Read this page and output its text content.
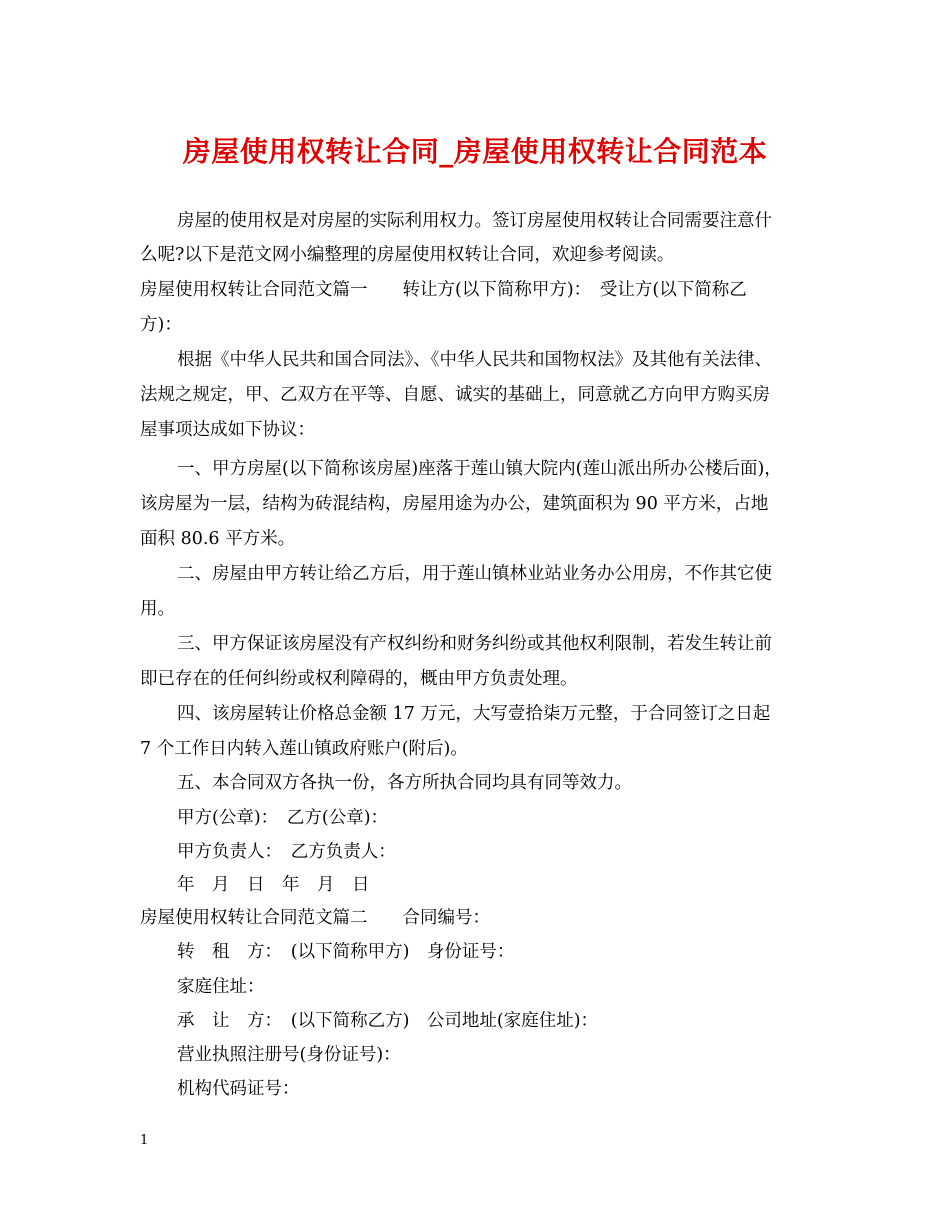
房屋使用权转让合同_房屋使用权转让合同范本
房屋的使用权是对房屋的实际利用权力。签订房屋使用权转让合同需要注意什
么呢?以下是范文网小编整理的房屋使用权转让合同，欢迎参考阅读。
房屋使用权转让合同范文篇一　　转让方(以下简称甲方)：　受让方(以下简称乙
方)：
根据《中华人民共和国合同法》、《中华人民共和国物权法》及其他有关法律、
法规之规定，甲、乙双方在平等、自愿、诚实的基础上，同意就乙方向甲方购买房
屋事项达成如下协议：
一、甲方房屋(以下简称该房屋)座落于莲山镇大院内(莲山派出所办公楼后面)，
该房屋为一层，结构为砖混结构，房屋用途为办公，建筑面积为 90 平方米，占地
面积 80.6 平方米。
二、房屋由甲方转让给乙方后，用于莲山镇林业站业务办公用房，不作其它使
用。
三、甲方保证该房屋没有产权纠纷和财务纠纷或其他权利限制，若发生转让前
即已存在的任何纠纷或权利障碍的，概由甲方负责处理。
四、该房屋转让价格总金额 17 万元，大写壹拾柒万元整，于合同签订之日起
7 个工作日内转入莲山镇政府账户(附后)。
五、本合同双方各执一份，各方所执合同均具有同等效力。
甲方(公章)：　乙方(公章)：
甲方负责人：　乙方负责人：
年　月　日　年　月　日
房屋使用权转让合同范文篇二　　合同编号：
转　租　方：　(以下简称甲方)　身份证号：
家庭住址：
承　让　方：　(以下简称乙方)　公司地址(家庭住址)：
营业执照注册号(身份证号)：
机构代码证号：
1
